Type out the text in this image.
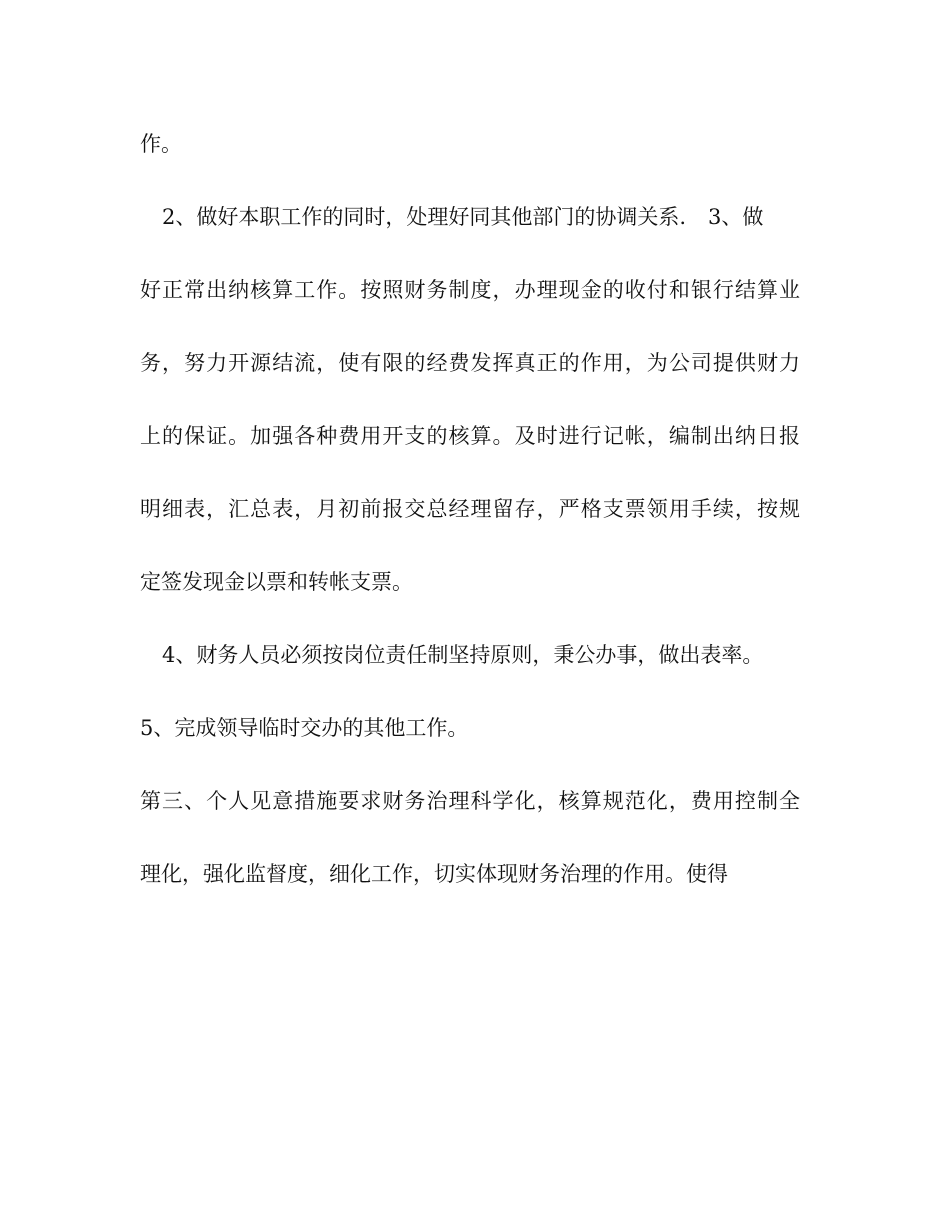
作。
2、做好本职工作的同时，处理好同其他部门的协调关系. 3、做
好正常出纳核算工作。按照财务制度，办理现金的收付和银行结算业
务，努力开源结流，使有限的经费发挥真正的作用，为公司提供财力
上的保证。加强各种费用开支的核算。及时进行记帐，编制出纳日报
明细表，汇总表，月初前报交总经理留存，严格支票领用手续，按规
定签发现金以票和转帐支票。
4、财务人员必须按岗位责任制坚持原则，秉公办事，做出表率。
5、完成领导临时交办的其他工作。
第三、个人见意措施要求财务治理科学化，核算规范化，费用控制全
理化，强化监督度，细化工作，切实体现财务治理的作用。使得
